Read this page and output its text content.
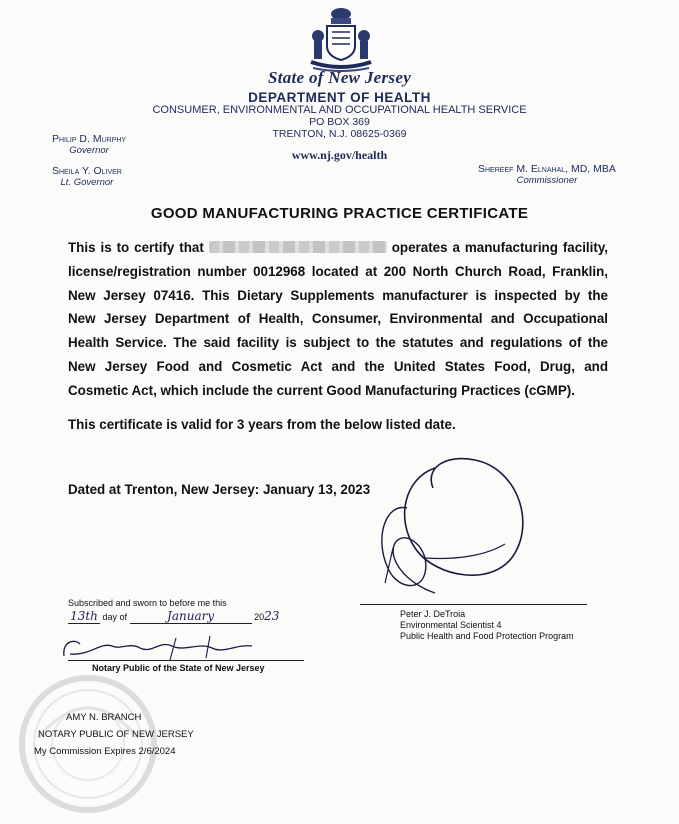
State of New Jersey
DEPARTMENT OF HEALTH
CONSUMER, ENVIRONMENTAL AND OCCUPATIONAL HEALTH SERVICE
PO BOX 369
TRENTON, N.J. 08625-0369
www.nj.gov/health
Philip D. Murphy
Governor
Sheila Y. Oliver
Lt. Governor
Shereef M. Elnahal, MD, MBA
Commissioner
GOOD MANUFACTURING PRACTICE CERTIFICATE
This is to certify that	operates a manufacturing facility,
license/registration number 0012968 located at 200 North Church Road, Franklin,
New Jersey 07416. This Dietary Supplements manufacturer is inspected by the
New Jersey Department of Health, Consumer, Environmental and Occupational
Health Service. The said facility is subject to the statutes and regulations of the
New Jersey Food and Cosmetic Act and the United States Food, Drug, and
Cosmetic Act, which include the current Good Manufacturing Practices (cGMP).
This certificate is valid for 3 years from the below listed date.
Dated at Trenton, New Jersey: January 13, 2023
Peter J. DeTroia
Environmental Scientist 4
Public Health and Food Protection Program
Subscribed and sworn to before me this
13th day of	January	2023
Notary Public of the State of New Jersey
AMY N. BRANCH
NOTARY PUBLIC OF NEW JERSEY
My Commission Expires 2/6/2024
